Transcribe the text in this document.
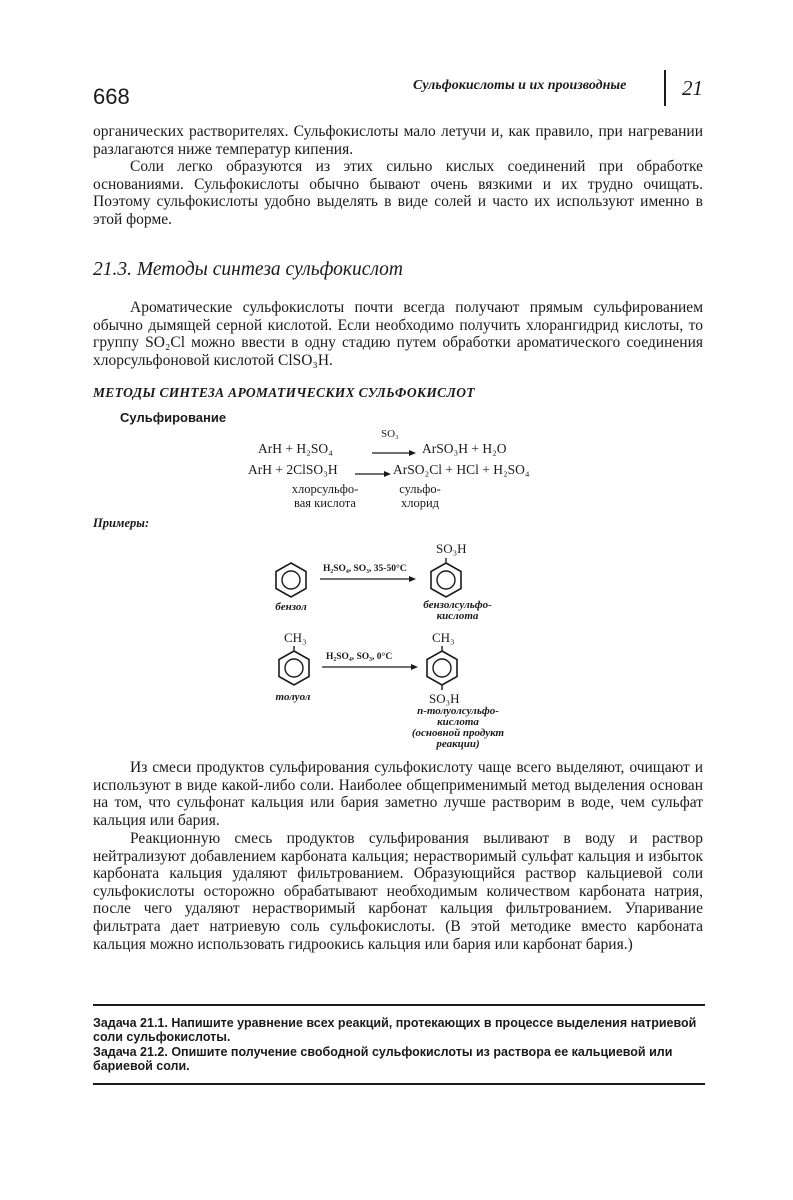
668	Сульфокислоты и их производные	21

органических растворителях. Сульфокислоты мало летучи и, как правило, при нагревании разлагаются ниже температур кипения.

Соли легко образуются из этих сильно кислых соединений при обработке основаниями. Сульфокислоты обычно бывают очень вязкими и их трудно очищать. Поэтому сульфокислоты удобно выделять в виде солей и часто их используют именно в этой форме.

21.3. Методы синтеза сульфокислот

Ароматические сульфокислоты почти всегда получают прямым сульфированием обычно дымящей серной кислотой. Если необходимо получить хлорангидрид кислоты, то группу SO₂Cl можно ввести в одну стадию путем обработки ароматического соединения хлорсульфоновой кислотой ClSO₃H.

МЕТОДЫ СИНТЕЗА АРОМАТИЧЕСКИХ СУЛЬФОКИСЛОТ
Сульфирование
ArH + H₂SO₄
SO₃
ArSO₃H + H₂O
ArH + 2ClSO₃H	ArSO₂Cl + HCl + H₂SO₄
хлорсульфо-
вая кислота
сульфо-
хлорид
Примеры:
H₂SO₄, SO₃, 35-50°C
SO₃H
бензол	бензолсульфо-
кислота
CH₃
H₂SO₄, SO₃, 0°C
CH₃
SO₃H
толуол
п-толуолсульфо-
кислота
(основной продукт
реакции)

Из смеси продуктов сульфирования сульфокислоту чаще всего выделяют, очищают и используют в виде какой-либо соли. Наиболее общеприменимый метод выделения основан на том, что сульфонат кальция или бария заметно лучше растворим в воде, чем сульфат кальция или бария.

Реакционную смесь продуктов сульфирования выливают в воду и раствор нейтрализуют добавлением карбоната кальция; нерастворимый сульфат кальция и избыток карбоната кальция удаляют фильтрованием. Образующийся раствор кальциевой соли сульфокислоты осторожно обрабатывают необходимым количеством карбоната натрия, после чего удаляют нерастворимый карбонат кальция фильтрованием. Упаривание фильтрата дает натриевую соль сульфокислоты. (В этой методике вместо карбоната кальция можно использовать гидроокись кальция или бария или карбонат бария.)

Задача 21.1. Напишите уравнение всех реакций, протекающих в процессе выделения натриевой соли сульфокислоты.

Задача 21.2. Опишите получение свободной сульфокислоты из раствора ее кальциевой или бариевой соли.
